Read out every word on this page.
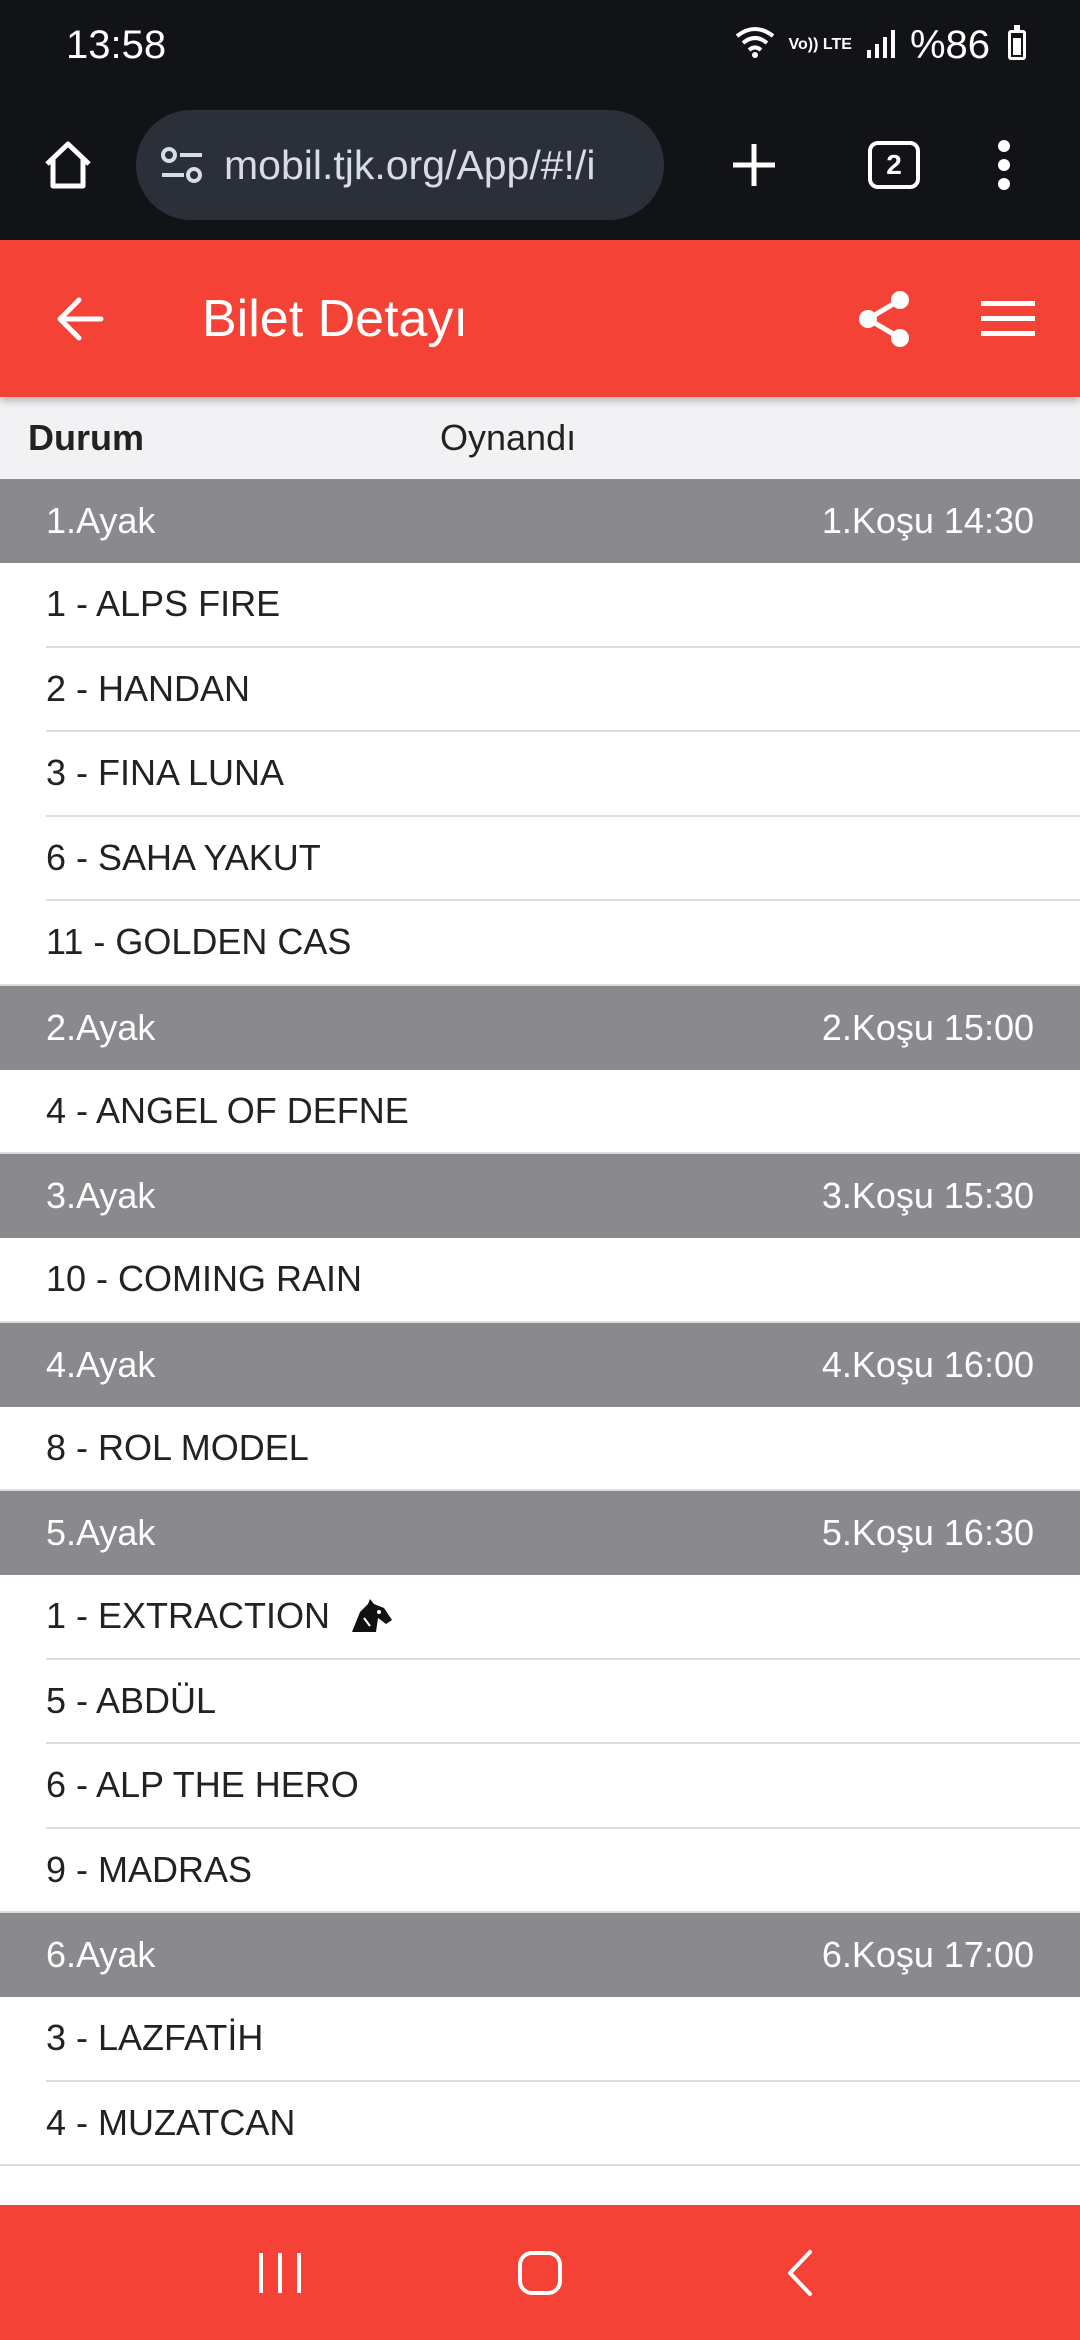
13:58	Vo)) LTE %86
mobil.tjk.org/App/#!/i	2
Bilet Detayı
Durum	Oynandı
1.Ayak	1.Koşu 14:30
1 - ALPS FIRE
2 - HANDAN
3 - FINA LUNA
6 - SAHA YAKUT
11 - GOLDEN CAS
2.Ayak	2.Koşu 15:00
4 - ANGEL OF DEFNE
3.Ayak	3.Koşu 15:30
10 - COMING RAIN
4.Ayak	4.Koşu 16:00
8 - ROL MODEL
5.Ayak	5.Koşu 16:30
1 - EXTRACTION
5 - ABDÜL
6 - ALP THE HERO
9 - MADRAS
6.Ayak	6.Koşu 17:00
3 - LAZFATİH
4 - MUZATCAN
